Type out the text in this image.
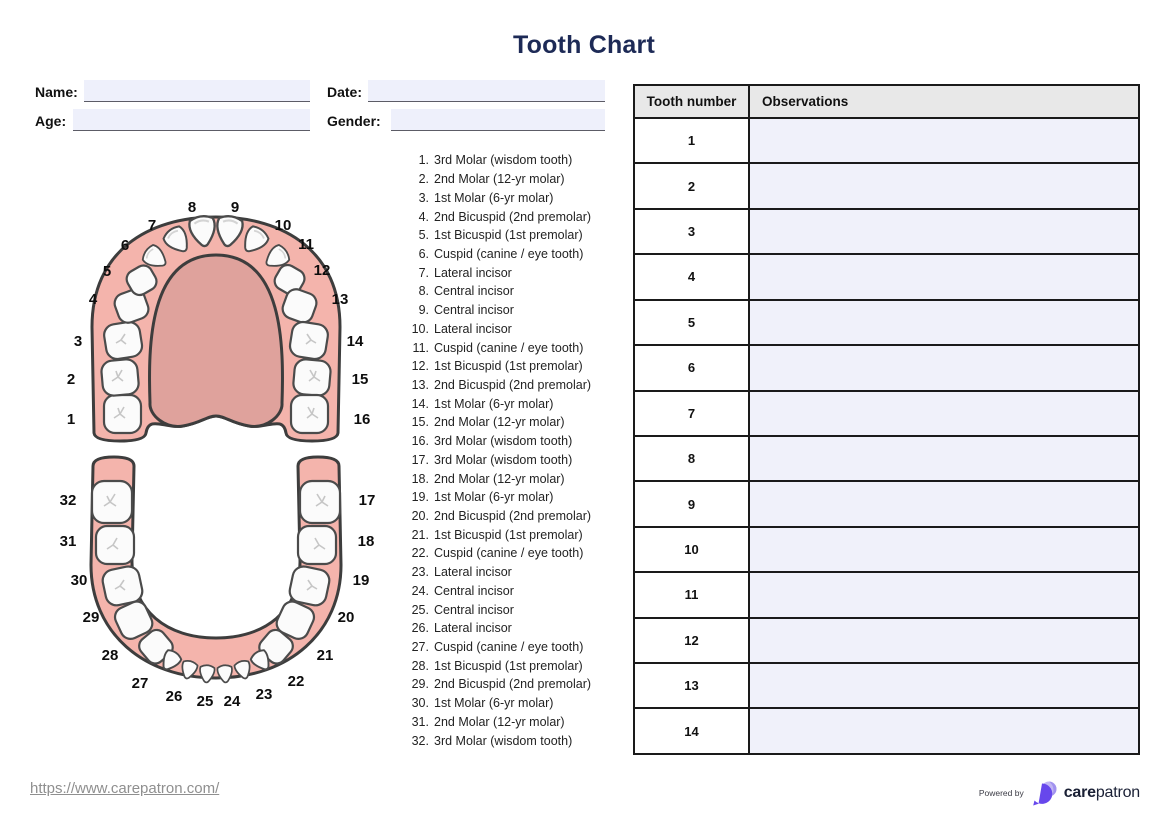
Tooth Chart
Name:	Date:
Age:	Gender:
1
2
3
4
5
6
7
8 9
10
11
12
13
14
15
16
17
18
19
20
21
22
23
24
25
26
27
28
29
30
31
32
1. 3rd Molar (wisdom tooth)
2. 2nd Molar (12-yr molar)
3. 1st Molar (6-yr molar)
4. 2nd Bicuspid (2nd premolar)
5. 1st Bicuspid (1st premolar)
6. Cuspid (canine / eye tooth)
7. Lateral incisor
8. Central incisor
9. Central incisor
10. Lateral incisor
11. Cuspid (canine / eye tooth)
12. 1st Bicuspid (1st premolar)
13. 2nd Bicuspid (2nd premolar)
14. 1st Molar (6-yr molar)
15. 2nd Molar (12-yr molar)
16. 3rd Molar (wisdom tooth)
17. 3rd Molar (wisdom tooth)
18. 2nd Molar (12-yr molar)
19. 1st Molar (6-yr molar)
20. 2nd Bicuspid (2nd premolar)
21. 1st Bicuspid (1st premolar)
22. Cuspid (canine / eye tooth)
23. Lateral incisor
24. Central incisor
25. Central incisor
26. Lateral incisor
27. Cuspid (canine / eye tooth)
28. 1st Bicuspid (1st premolar)
29. 2nd Bicuspid (2nd premolar)
30. 1st Molar (6-yr molar)
31. 2nd Molar (12-yr molar)
32. 3rd Molar (wisdom tooth)
Tooth number	Observations
1
2
3
4
5
6
7
8
9
10
11
12
13
14
https://www.carepatron.com/	Powered by	carepatron
